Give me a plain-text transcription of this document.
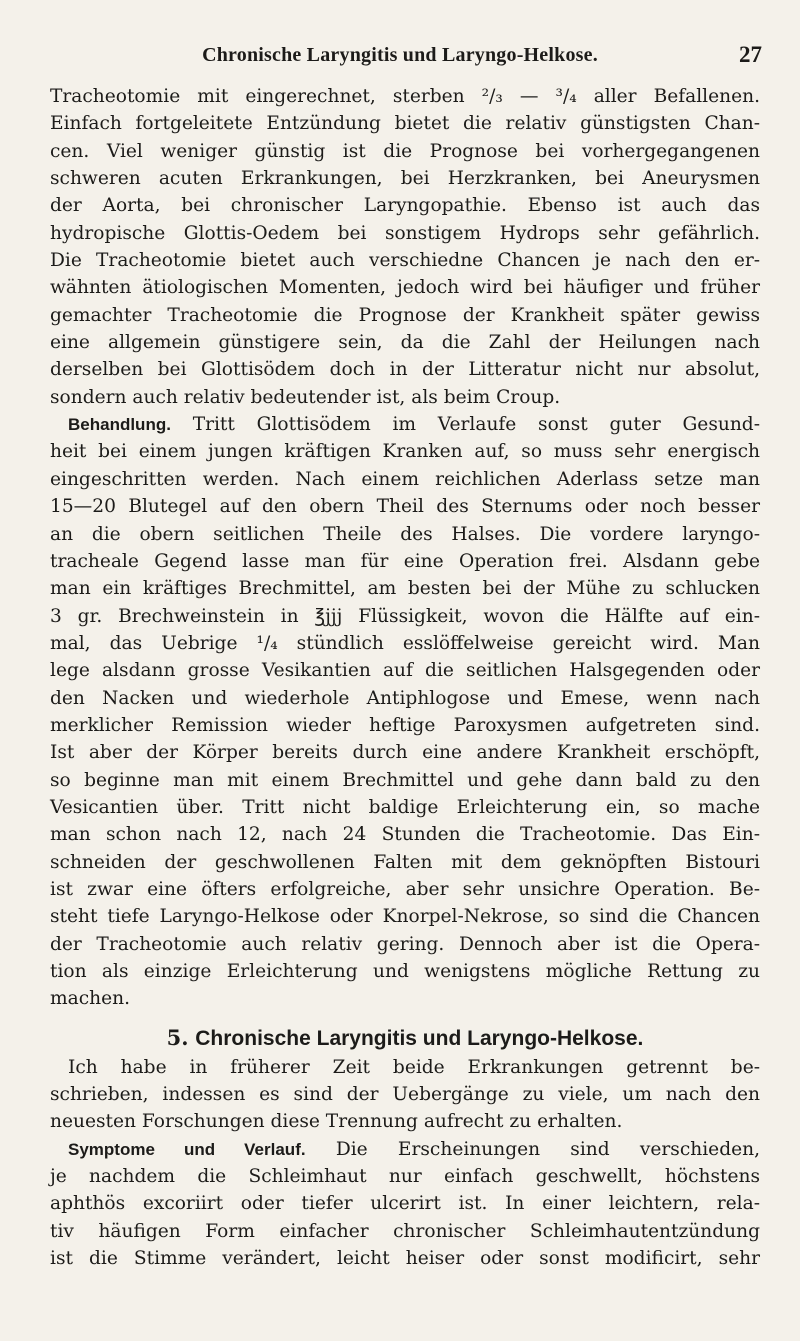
Chronische Laryngitis und Laryngo-Helkose.	27

Tracheotomie mit eingerechnet, sterben ²/₃ — ³/₄ aller Befallenen.

Einfach fortgeleitete Entzündung bietet die relativ günstigsten Chan-

cen. Viel weniger günstig ist die Prognose bei vorhergegangenen

schweren acuten Erkrankungen, bei Herzkranken, bei Aneurysmen

der Aorta, bei chronischer Laryngopathie. Ebenso ist auch das

hydropische Glottis-Oedem bei sonstigem Hydrops sehr gefährlich.

Die Tracheotomie bietet auch verschiedne Chancen je nach den er-

wähnten ätiologischen Momenten, jedoch wird bei häufiger und früher

gemachter Tracheotomie die Prognose der Krankheit später gewiss

eine allgemein günstigere sein, da die Zahl der Heilungen nach

derselben bei Glottisödem doch in der Litteratur nicht nur absolut,

sondern auch relativ bedeutender ist, als beim Croup.

Behandlung. Tritt Glottisödem im Verlaufe sonst guter Gesund-

heit bei einem jungen kräftigen Kranken auf, so muss sehr energisch

eingeschritten werden. Nach einem reichlichen Aderlass setze man

15—20 Blutegel auf den obern Theil des Sternums oder noch besser

an die obern seitlichen Theile des Halses. Die vordere laryngo-

tracheale Gegend lasse man für eine Operation frei. Alsdann gebe

man ein kräftiges Brechmittel, am besten bei der Mühe zu schlucken

3 gr. Brechweinstein in ℥jjj Flüssigkeit, wovon die Hälfte auf ein-

mal, das Uebrige ¹/₄ stündlich esslöffelweise gereicht wird. Man

lege alsdann grosse Vesikantien auf die seitlichen Halsgegenden oder

den Nacken und wiederhole Antiphlogose und Emese, wenn nach

merklicher Remission wieder heftige Paroxysmen aufgetreten sind.

Ist aber der Körper bereits durch eine andere Krankheit erschöpft,

so beginne man mit einem Brechmittel und gehe dann bald zu den

Vesicantien über. Tritt nicht baldige Erleichterung ein, so mache

man schon nach 12, nach 24 Stunden die Tracheotomie. Das Ein-

schneiden der geschwollenen Falten mit dem geknöpften Bistouri

ist zwar eine öfters erfolgreiche, aber sehr unsichre Operation. Be-

steht tiefe Laryngo-Helkose oder Knorpel-Nekrose, so sind die Chancen

der Tracheotomie auch relativ gering. Dennoch aber ist die Opera-

tion als einzige Erleichterung und wenigstens mögliche Rettung zu

machen.

5. Chronische Laryngitis und Laryngo-Helkose.

Ich habe in früherer Zeit beide Erkrankungen getrennt be-

schrieben, indessen es sind der Uebergänge zu viele, um nach den

neuesten Forschungen diese Trennung aufrecht zu erhalten.

Symptome und Verlauf. Die Erscheinungen sind verschieden,

je nachdem die Schleimhaut nur einfach geschwellt, höchstens

aphthös excoriirt oder tiefer ulcerirt ist. In einer leichtern, rela-

tiv häufigen Form einfacher chronischer Schleimhautentzündung

ist die Stimme verändert, leicht heiser oder sonst modificirt, sehr
